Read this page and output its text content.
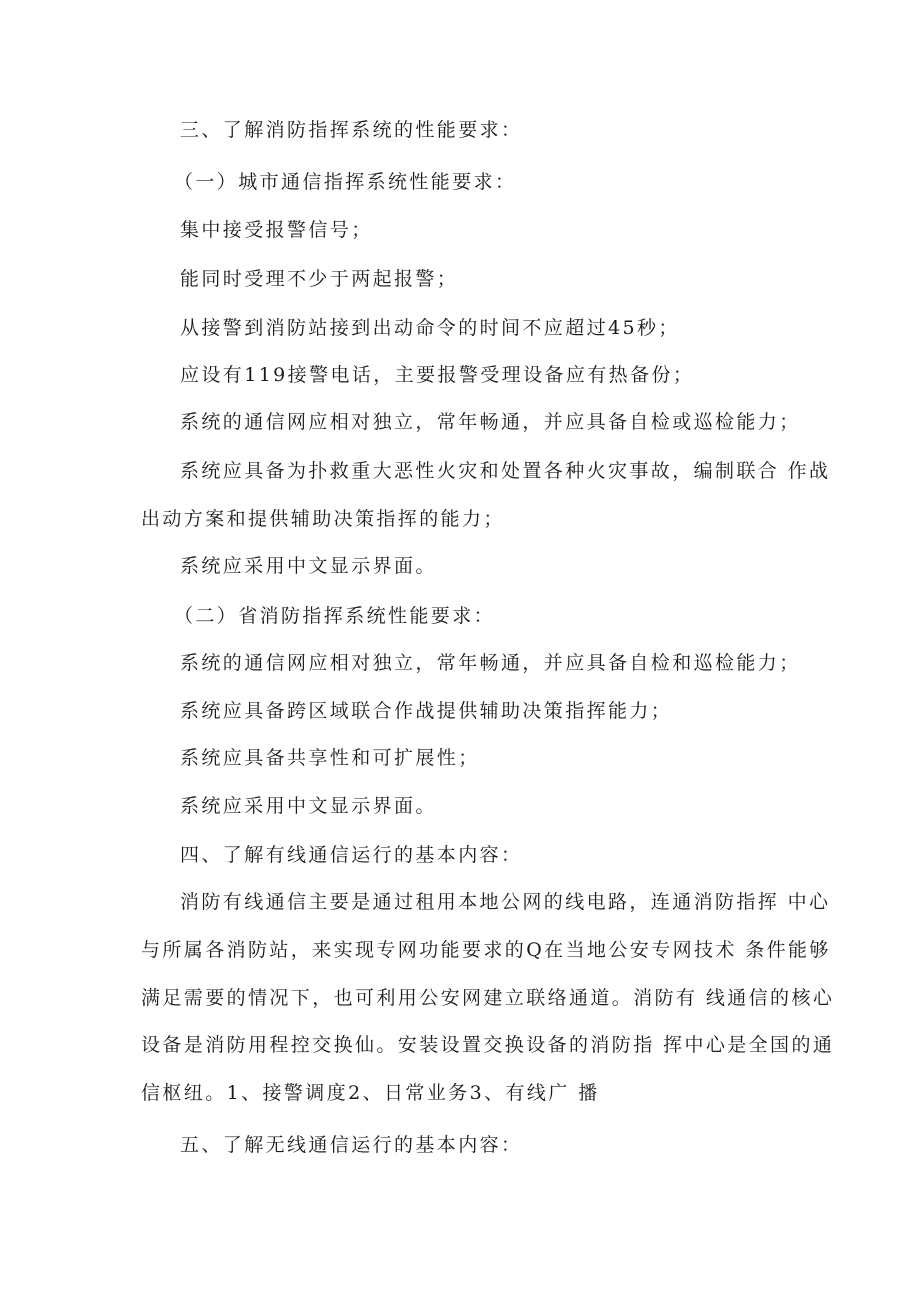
三、了解消防指挥系统的性能要求：
（一）城市通信指挥系统性能要求：
集中接受报警信号；
能同时受理不少于两起报警；
从接警到消防站接到出动命令的时间不应超过45秒；
应设有119接警电话，主要报警受理设备应有热备份；
系统的通信网应相对独立，常年畅通，并应具备自检或巡检能力；
系统应具备为扑救重大恶性火灾和处置各种火灾事故，编制联合 作战
出动方案和提供辅助决策指挥的能力；
系统应采用中文显示界面。
（二）省消防指挥系统性能要求：
系统的通信网应相对独立，常年畅通，并应具备自检和巡检能力；
系统应具备跨区域联合作战提供辅助决策指挥能力；
系统应具备共享性和可扩展性；
系统应采用中文显示界面。
四、了解有线通信运行的基本内容：
消防有线通信主要是通过租用本地公网的线电路，连通消防指挥 中心
与所属各消防站，来实现专网功能要求的Q在当地公安专网技术 条件能够
满足需要的情况下，也可利用公安网建立联络通道。消防有 线通信的核心
设备是消防用程控交换仙。安装设置交换设备的消防指 挥中心是全国的通
信枢纽。1、接警调度2、日常业务3、有线广 播
五、了解无线通信运行的基本内容：
